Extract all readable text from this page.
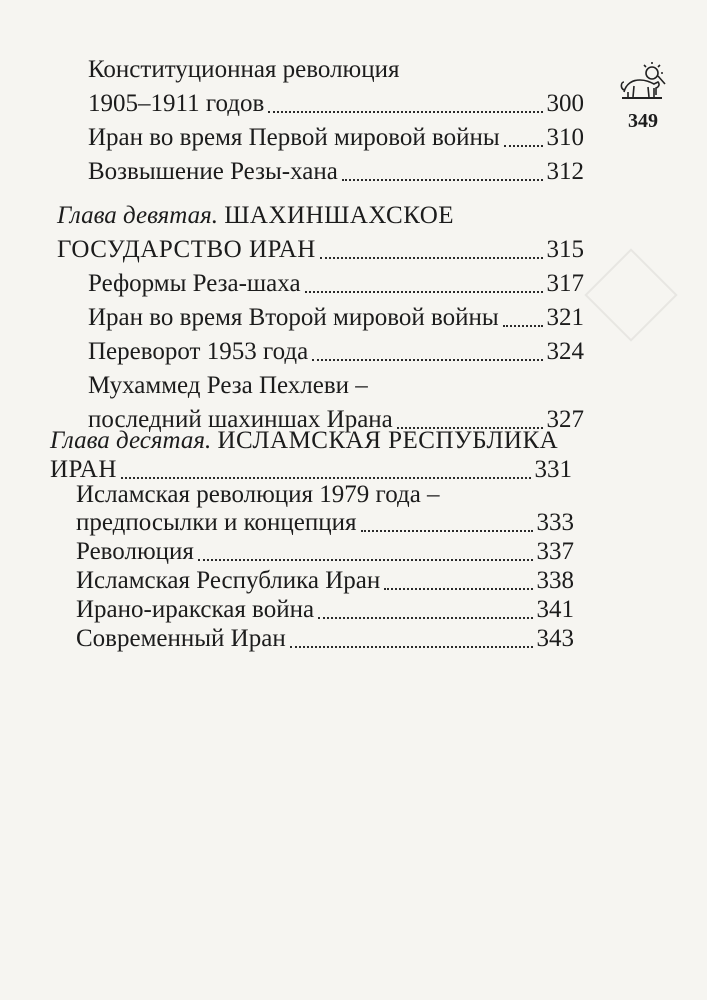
349
Конституционная революция
1905–1911 годов	300
Иран во время Первой мировой войны 310
Возвышение Резы-хана	312
Глава девятая. ШАХИНШАХСКОЕ
ГОСУДАРСТВО ИРАН	315
Реформы Реза-шаха	317
Иран во время Второй мировой войны 321
Переворот 1953 года	324
Мухаммед Реза Пехлеви –
последний шахиншах Ирана	327
Глава десятая. ИСЛАМСКАЯ РЕСПУБЛИКА
ИРАН	331
Исламская революция 1979 года –
предпосылки и концепция	333
Революция	337
Исламская Республика Иран	338
Ирано-иракская война	341
Современный Иран	343
